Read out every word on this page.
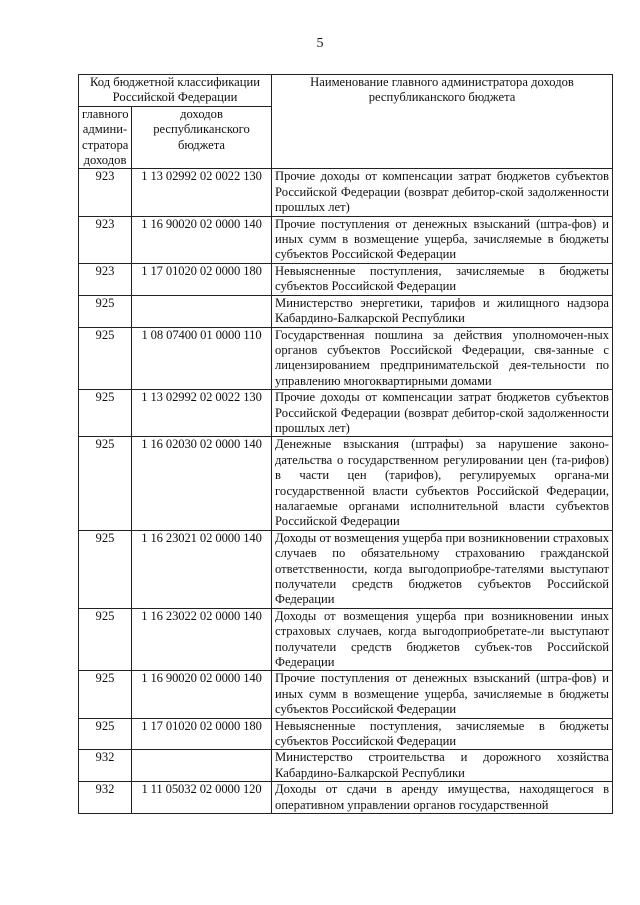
5
Код бюджетной классификации Российской Федерации		Наименование главного администратора доходов республиканского бюджета
главного админи-стратора доходов	доходов республиканского бюджета	
923	1 13 02992 02 0022 130	Прочие доходы от компенсации затрат бюджетов субъектов Российской Федерации (возврат дебитор-ской задолженности прошлых лет)
923	1 16 90020 02 0000 140	Прочие поступления от денежных взысканий (штра-фов) и иных сумм в возмещение ущерба, зачисляемые в бюджеты субъектов Российской Федерации
923	1 17 01020 02 0000 180	Невыясненные поступления, зачисляемые в бюджеты субъектов Российской Федерации
925		Министерство энергетики, тарифов и жилищного надзора Кабардино-Балкарской Республики
925	1 08 07400 01 0000 110	Государственная пошлина за действия уполномочен-ных органов субъектов Российской Федерации, свя-занные с лицензированием предпринимательской дея-тельности по управлению многоквартирными домами
925	1 13 02992 02 0022 130	Прочие доходы от компенсации затрат бюджетов субъектов Российской Федерации (возврат дебитор-ской задолженности прошлых лет)
925	1 16 02030 02 0000 140	Денежные взыскания (штрафы) за нарушение законо-дательства о государственном регулировании цен (та-рифов) в части цен (тарифов), регулируемых органа-ми государственной власти субъектов Российской Федерации, налагаемые органами исполнительной власти субъектов Российской Федерации
925	1 16 23021 02 0000 140	Доходы от возмещения ущерба при возникновении страховых случаев по обязательному страхованию гражданской ответственности, когда выгодоприобре-тателями выступают получатели средств бюджетов субъектов Российской Федерации
925	1 16 23022 02 0000 140	Доходы от возмещения ущерба при возникновении иных страховых случаев, когда выгодоприобретате-ли выступают получатели средств бюджетов субъек-тов Российской Федерации
925	1 16 90020 02 0000 140	Прочие поступления от денежных взысканий (штра-фов) и иных сумм в возмещение ущерба, зачисляемые в бюджеты субъектов Российской Федерации
925	1 17 01020 02 0000 180	Невыясненные поступления, зачисляемые в бюджеты субъектов Российской Федерации
932		Министерство строительства и дорожного хозяйства Кабардино-Балкарской Республики
932	1 11 05032 02 0000 120	Доходы от сдачи в аренду имущества, находящегося в оперативном управлении органов государственной
